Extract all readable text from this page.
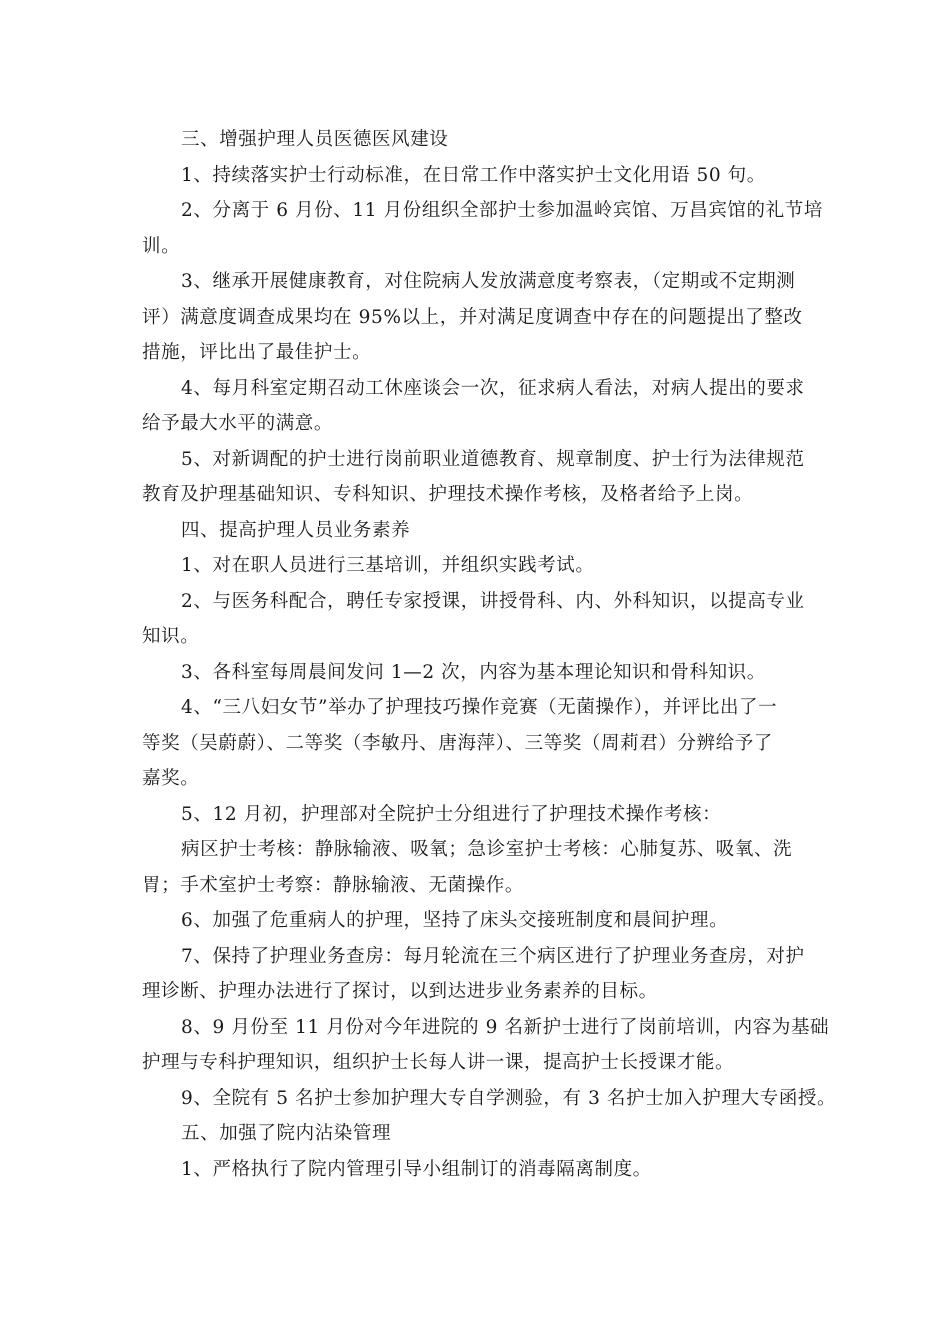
三、增强护理人员医德医风建设
1、持续落实护士行动标准，在日常工作中落实护士文化用语 50 句。
2、分离于 6 月份、11 月份组织全部护士参加温岭宾馆、万昌宾馆的礼节培
训。
3、继承开展健康教育，对住院病人发放满意度考察表，（定期或不定期测
评）满意度调查成果均在 95%以上，并对满足度调查中存在的问题提出了整改
措施，评比出了最佳护士。
4、每月科室定期召动工休座谈会一次，征求病人看法，对病人提出的要求
给予最大水平的满意。
5、对新调配的护士进行岗前职业道德教育、规章制度、护士行为法律规范
教育及护理基础知识、专科知识、护理技术操作考核，及格者给予上岗。
四、提高护理人员业务素养
1、对在职人员进行三基培训，并组织实践考试。
2、与医务科配合，聘任专家授课，讲授骨科、内、外科知识，以提高专业
知识。
3、各科室每周晨间发问 1—2 次，内容为基本理论知识和骨科知识。
4、“三八妇女节”举办了护理技巧操作竞赛（无菌操作），并评比出了一
等奖（吴蔚蔚）、二等奖（李敏丹、唐海萍）、三等奖（周莉君）分辨给予了
嘉奖。
5、12 月初，护理部对全院护士分组进行了护理技术操作考核：
病区护士考核：静脉输液、吸氧；急诊室护士考核：心肺复苏、吸氧、洗
胃；手术室护士考察：静脉输液、无菌操作。
6、加强了危重病人的护理，坚持了床头交接班制度和晨间护理。
7、保持了护理业务查房：每月轮流在三个病区进行了护理业务查房，对护
理诊断、护理办法进行了探讨，以到达进步业务素养的目标。
8、9 月份至 11 月份对今年进院的 9 名新护士进行了岗前培训，内容为基础
护理与专科护理知识，组织护士长每人讲一课，提高护士长授课才能。
9、全院有 5 名护士参加护理大专自学测验，有 3 名护士加入护理大专函授。
五、加强了院内沾染管理
1、严格执行了院内管理引导小组制订的消毒隔离制度。
